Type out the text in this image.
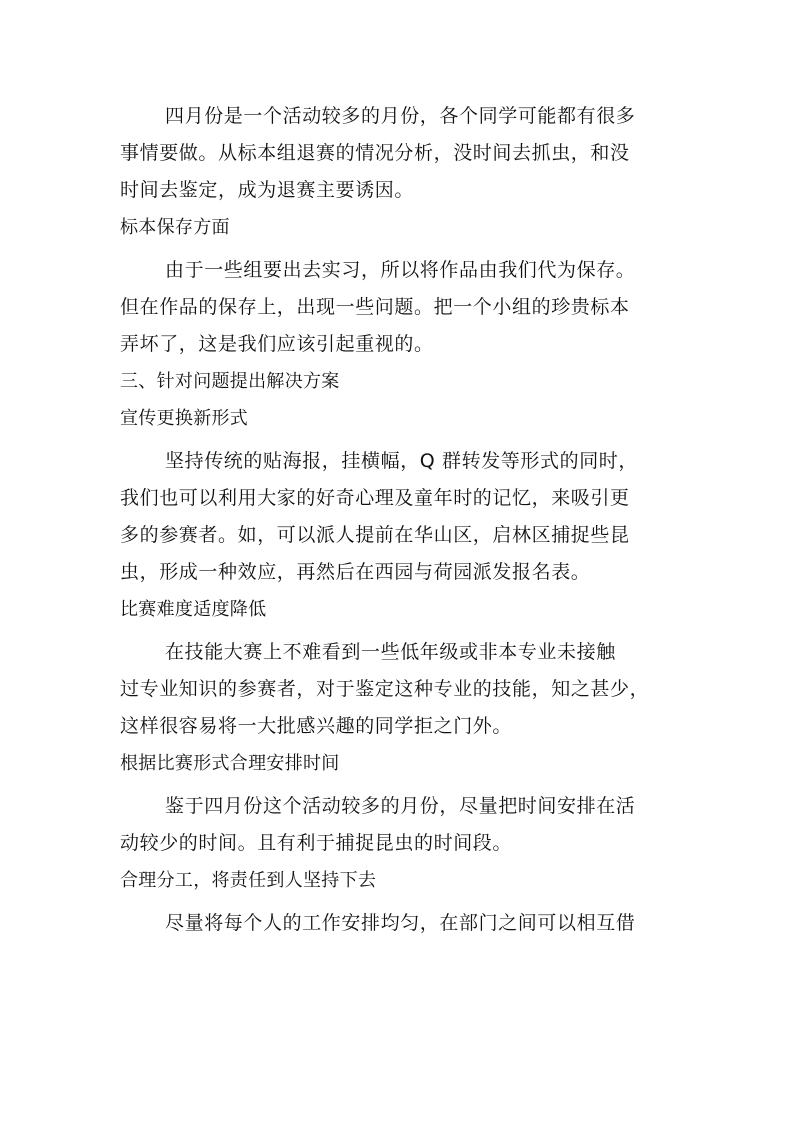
四月份是一个活动较多的月份，各个同学可能都有很多
事情要做。从标本组退赛的情况分析，没时间去抓虫，和没
时间去鉴定，成为退赛主要诱因。
标本保存方面
由于一些组要出去实习，所以将作品由我们代为保存。
但在作品的保存上，出现一些问题。把一个小组的珍贵标本
弄坏了，这是我们应该引起重视的。
三、针对问题提出解决方案
宣传更换新形式
坚持传统的贴海报，挂横幅，Q 群转发等形式的同时，
我们也可以利用大家的好奇心理及童年时的记忆，来吸引更
多的参赛者。如，可以派人提前在华山区，启林区捕捉些昆
虫，形成一种效应，再然后在西园与荷园派发报名表。
比赛难度适度降低
在技能大赛上不难看到一些低年级或非本专业未接触
过专业知识的参赛者，对于鉴定这种专业的技能，知之甚少，
这样很容易将一大批感兴趣的同学拒之门外。
根据比赛形式合理安排时间
鉴于四月份这个活动较多的月份，尽量把时间安排在活
动较少的时间。且有利于捕捉昆虫的时间段。
合理分工，将责任到人坚持下去
尽量将每个人的工作安排均匀，在部门之间可以相互借
